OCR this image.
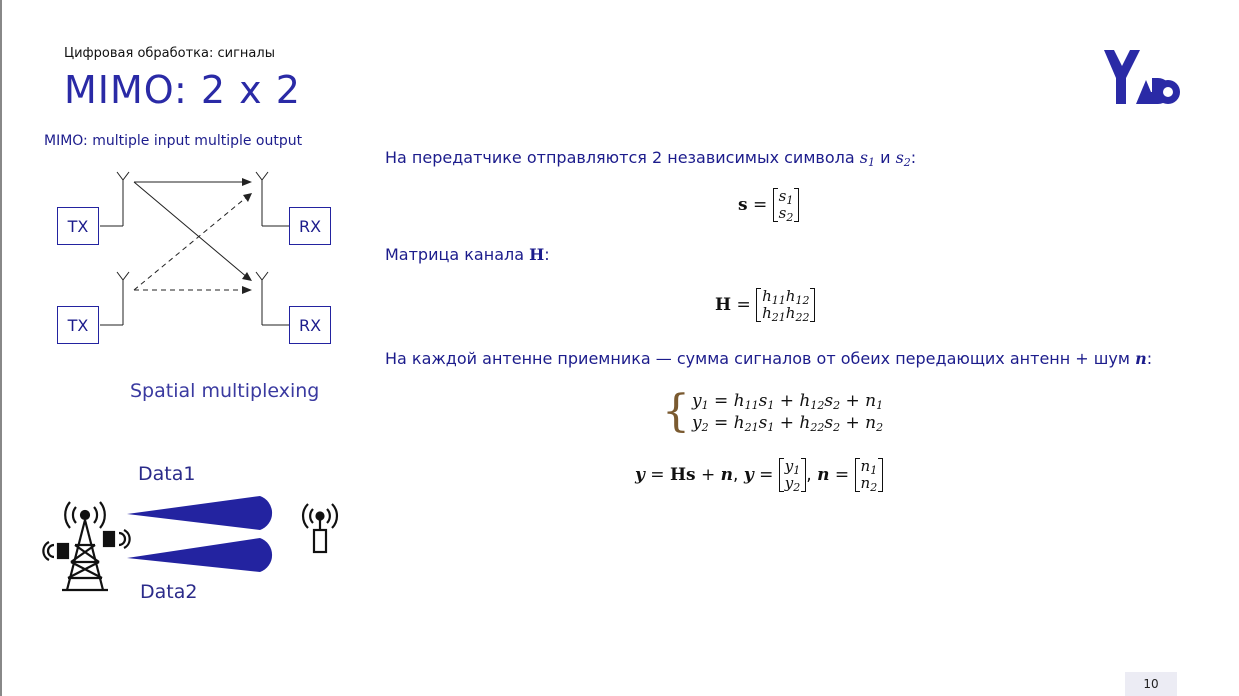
Цифровая обработка: сигналы
MIMO: 2 x 2
MIMO: multiple input multiple output
TX
TX
RX
RX
Spatial multiplexing
Data1
Data2
На передатчике отправляются 2 независимых символа $s_1$ и $s_2$:
s
=
$s_1$
$s_2$
Матрица канала H:
H
=
$h_{11}h_{12}$
$h_{21}h_{22}$
На каждой антенне приемника — сумма сигналов от обеих передающих антенн + шум n:
{ $y_1 = h_{11}s_1 + h_{12}s_2 + n_1$
$y_2 = h_{21}s_1 + h_{22}s_2 + n_2$
y
=
Hs
+
n , y
=
$y_1$
$y_2$
, n
=
$n_1$
$n_2$
10
